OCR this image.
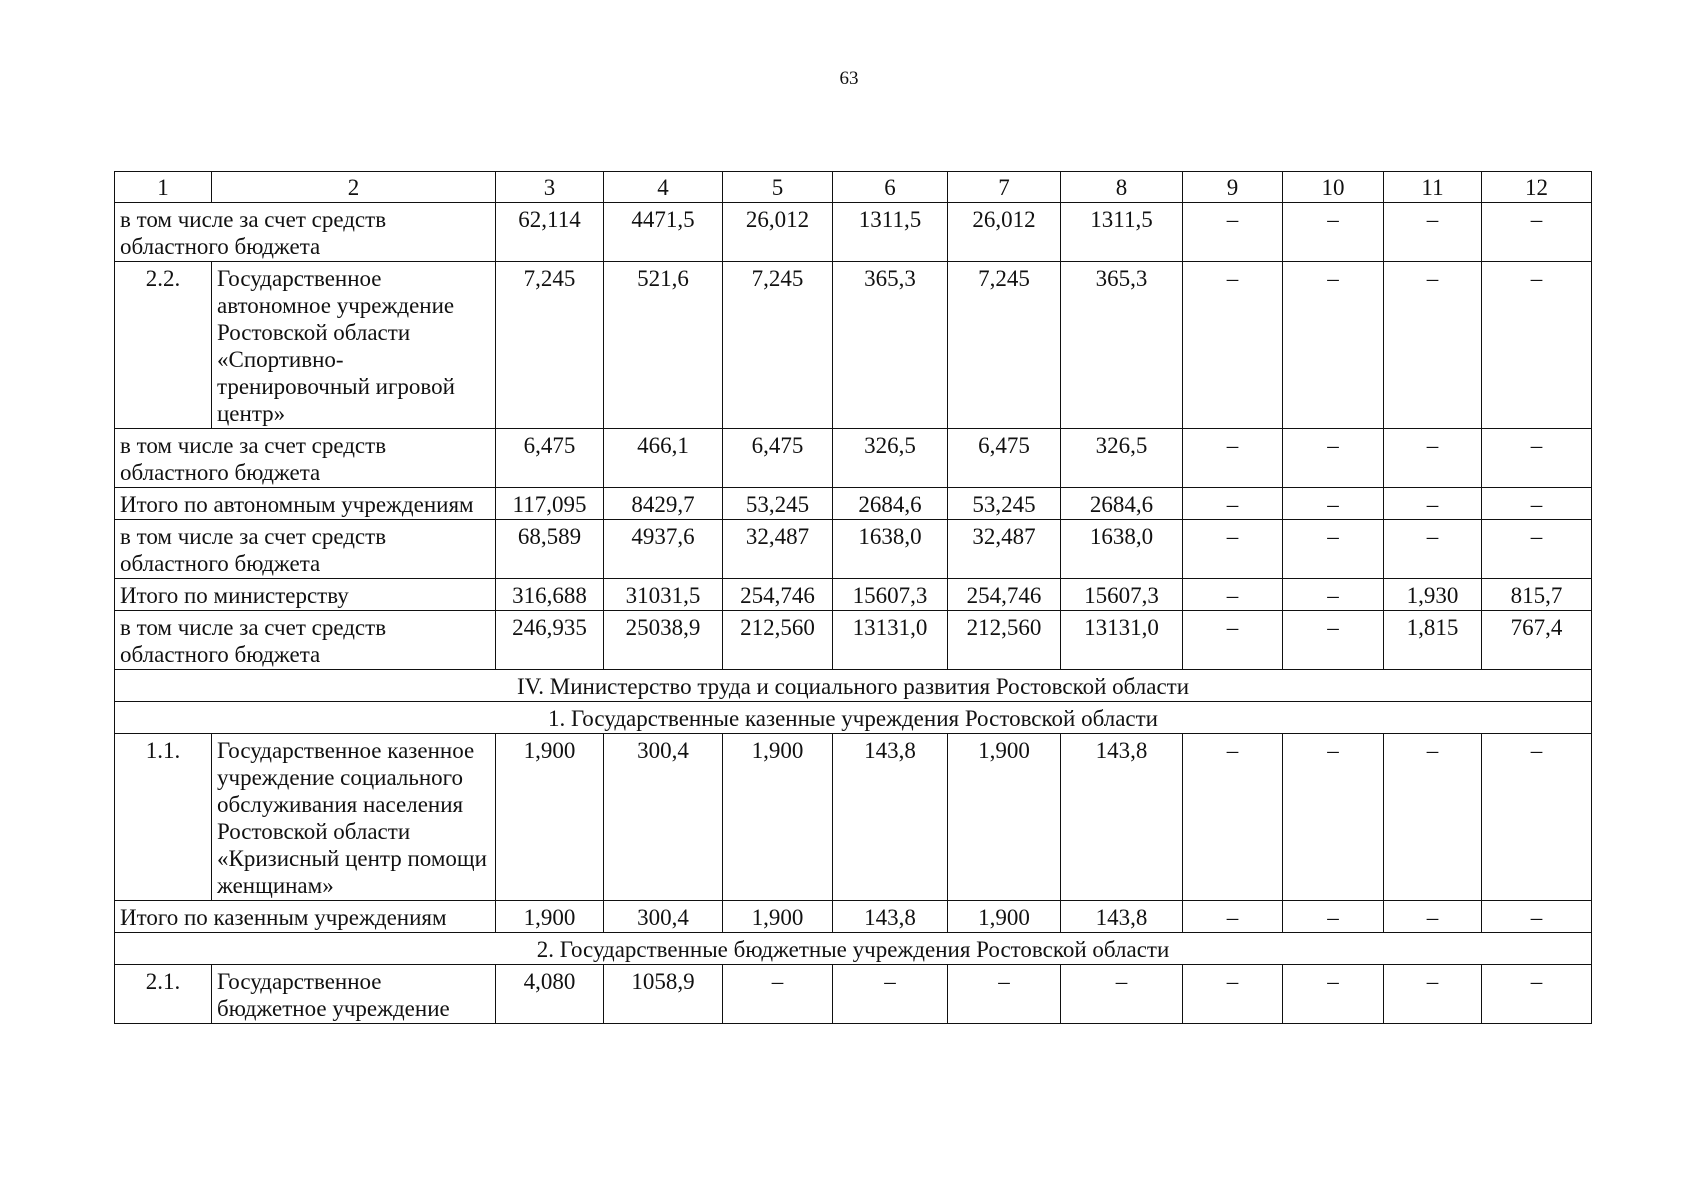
63
1	2	3	4	5	6	7	8	9	10	11	12
в том числе за счет средств областного бюджета		62,114	4471,5	26,012	1311,5	26,012	1311,5	–	–	–	–
2.2.	Государственное автономное учреждение Ростовской области «Спортивно-тренировочный игровой центр»	7,245	521,6	7,245	365,3	7,245	365,3	–	–	–	–
в том числе за счет средств областного бюджета		6,475	466,1	6,475	326,5	6,475	326,5	–	–	–	–
Итого по автономным учреждениям		117,095	8429,7	53,245	2684,6	53,245	2684,6	–	–	–	–
в том числе за счет средств областного бюджета		68,589	4937,6	32,487	1638,0	32,487	1638,0	–	–	–	–
Итого по министерству		316,688	31031,5	254,746	15607,3	254,746	15607,3	–	–	1,930	815,7
в том числе за счет средств областного бюджета		246,935	25038,9	212,560	13131,0	212,560	13131,0	–	–	1,815	767,4
IV. Министерство труда и социального развития Ростовской области											
1. Государственные казенные учреждения Ростовской области											
1.1.	Государственное казенное учреждение социального обслуживания населения Ростовской области «Кризисный центр помощи женщинам»	1,900	300,4	1,900	143,8	1,900	143,8	–	–	–	–
Итого по казенным учреждениям		1,900	300,4	1,900	143,8	1,900	143,8	–	–	–	–
2. Государственные бюджетные учреждения Ростовской области											
2.1.	Государственное бюджетное учреждение	4,080	1058,9	–	–	–	–	–	–	–	–
